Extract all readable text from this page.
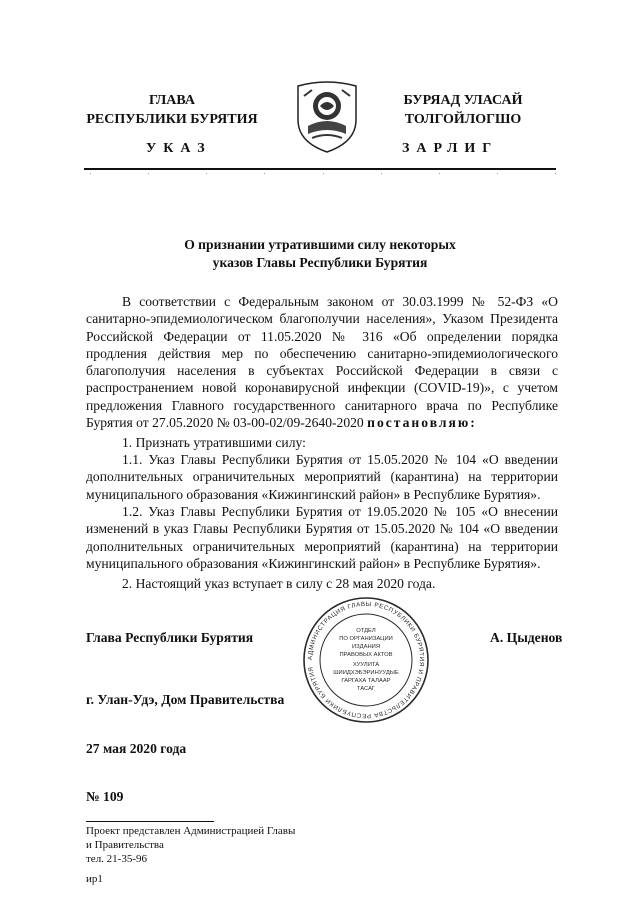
ГЛАВА
РЕСПУБЛИКИ БУРЯТИЯ
БУРЯАД УЛАСАЙ
ТОЛГОЙЛОГШО
УКАЗ	ЗАРЛИГ
О признании утратившими силу некоторых
указов Главы Республики Бурятия
В соответствии с Федеральным законом от 30.03.1999 № 52-ФЗ «О санитарно-эпидемиологическом благополучии населения», Указом Президента Российской Федерации от 11.05.2020 № 316 «Об определении порядка продления действия мер по обеспечению санитарно-эпидемиологического благополучия населения в субъектах Российской Федерации в связи с распространением новой коронавирусной инфекции (COVID-19)», с учетом предложения Главного государственного санитарного врача по Республике Бурятия от 27.05.2020 № 03-00-02/09-2640-2020 постановляю:
1. Признать утратившими силу:
1.1. Указ Главы Республики Бурятия от 15.05.2020 № 104 «О введении дополнительных ограничительных мероприятий (карантина) на территории муниципального образования «Кижингинский район» в Республике Бурятия».
1.2. Указ Главы Республики Бурятия от 19.05.2020 № 105 «О внесении изменений в указ Главы Республики Бурятия от 15.05.2020 № 104 «О введении дополнительных ограничительных мероприятий (карантина) на территории муниципального образования «Кижингинский район» в Республике Бурятия».
2. Настоящий указ вступает в силу с 28 мая 2020 года.
АДМИНИСТРАЦИЯ ГЛАВЫ РЕСПУБЛИКИ БУРЯТИЯ И ПРАВИТЕЛЬСТВА РЕСПУБЛИКИ БУРЯТИЯ
ОТДЕЛ
ПО ОРГАНИЗАЦИИ
ИЗДАНИЯ
ПРАВОВЫХ АКТОВ
ХУУЛИТА
ШИИДХЭБЭРИНУУДЫЕ
ГАРГАХА ТАЛААР
ТАСАГ
Глава Республики Бурятия	А. Цыденов
г. Улан-Удэ, Дом Правительства
27 мая 2020 года
№ 109
Проект представлен Администрацией Главы
и Правительства
тел. 21-35-96
ир1
